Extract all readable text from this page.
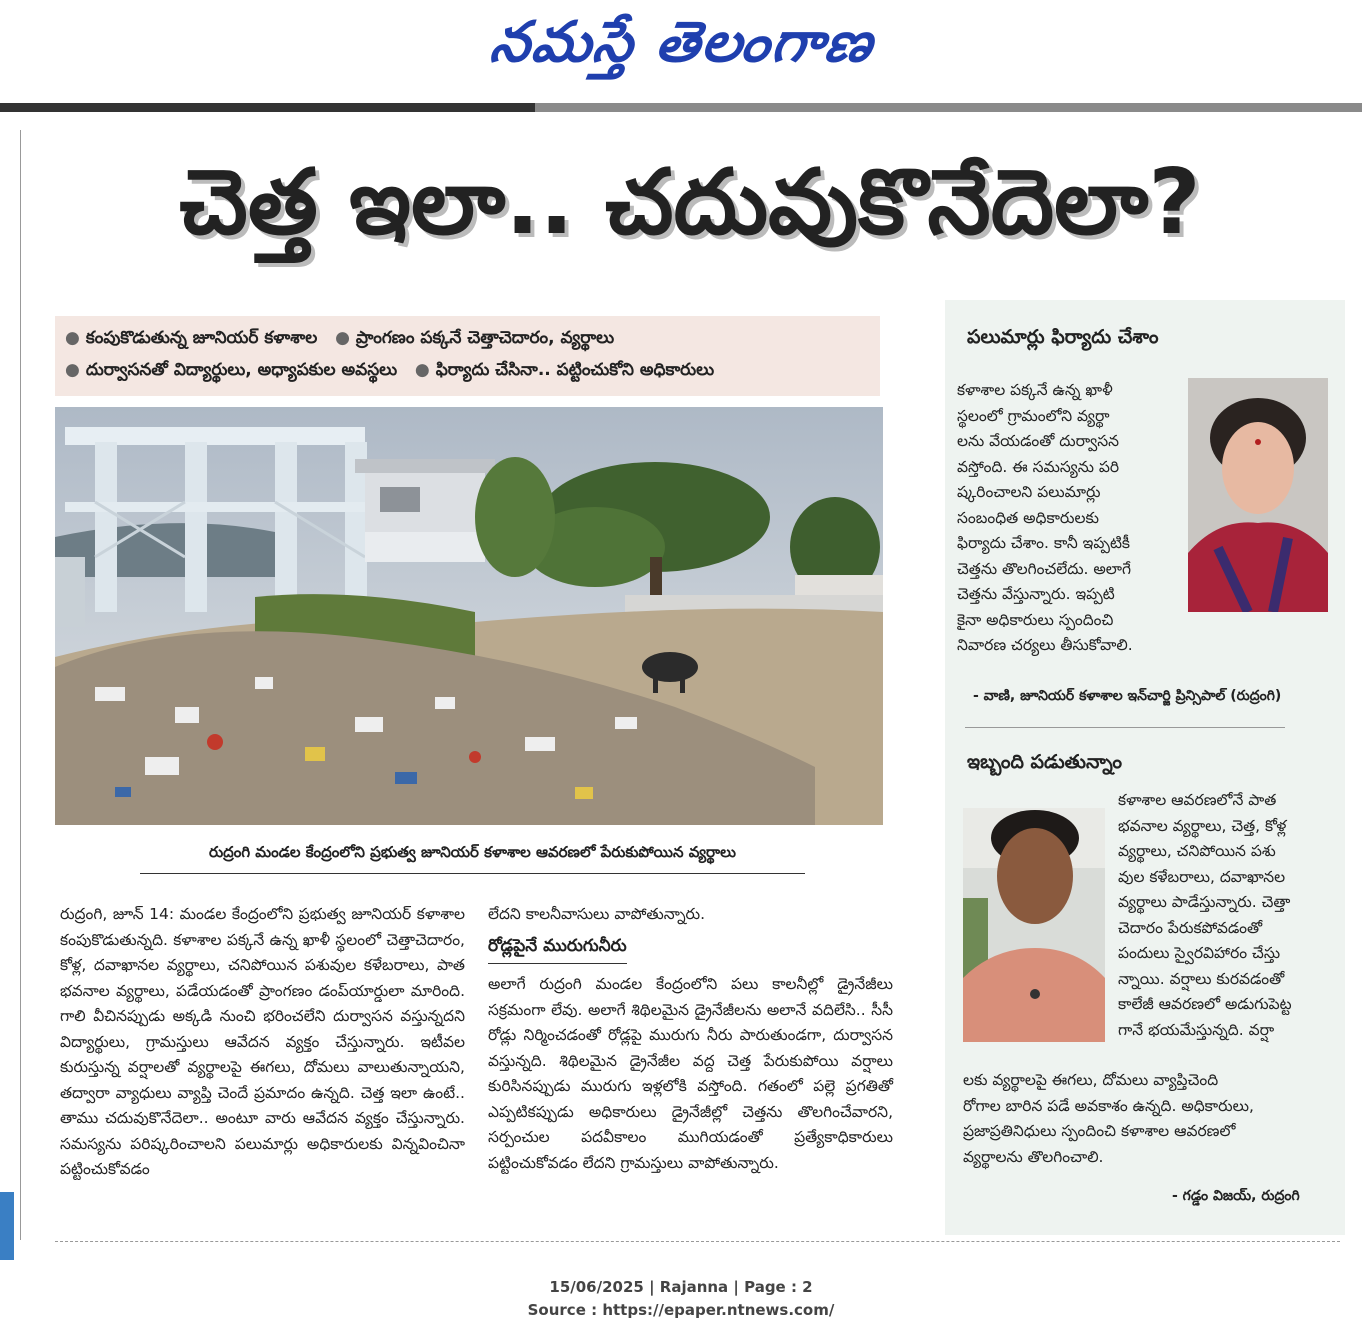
నమస్తే తెలంగాణ
చెత్త ఇలా.. చదువుకొనేదెలా?
● కంపుకొడుతున్న జూనియర్ కళాశాల ● ప్రాంగణం పక్కనే చెత్తాచెదారం, వ్యర్థాలు
● దుర్వాసనతో విద్యార్థులు, అధ్యాపకుల అవస్థలు ● ఫిర్యాదు చేసినా.. పట్టించుకోని అధికారులు
రుద్రంగి మండల కేంద్రంలోని ప్రభుత్వ జూనియర్ కళాశాల ఆవరణలో పేరుకుపోయిన వ్యర్థాలు

రుద్రంగి, జూన్ 14: మండల కేంద్రంలోని ప్రభుత్వ జూనియర్ కళాశాల కంపుకొడుతున్నది. కళాశాల పక్కనే ఉన్న ఖాళీ స్థలంలో చెత్తాచెదారం, కోళ్ల, దవాఖానల వ్యర్థాలు, చనిపోయిన పశువుల కళేబరాలు, పాత భవనాల వ్యర్థాలు, పడేయడంతో ప్రాంగణం డంప్‌యార్డులా మారింది. గాలి వీచినప్పుడు అక్కడి నుంచి భరించలేని దుర్వాసన వస్తున్నదని విద్యార్థులు, గ్రామస్తులు ఆవేదన వ్యక్తం చేస్తున్నారు. ఇటీవల కురుస్తున్న వర్షాలతో వ్యర్థాలపై ఈగలు, దోమలు వాలుతున్నాయని, తద్వారా వ్యాధులు వ్యాప్తి చెందే ప్రమాదం ఉన్నది. చెత్త ఇలా ఉంటే.. తాము చదువుకొనేదెలా.. అంటూ వారు ఆవేదన వ్యక్తం చేస్తున్నారు. సమస్యను పరిష్కరించాలని పలుమార్లు అధికారులకు విన్నవించినా పట్టించుకోవడం

లేదని కాలనీవాసులు వాపోతున్నారు.

రోడ్లపైనే మురుగునీరు

అలాగే రుద్రంగి మండల కేంద్రంలోని పలు కాలనీల్లో డ్రైనేజీలు సక్రమంగా లేవు. అలాగే శిథిలమైన డ్రైనేజీలను అలానే వదిలేసి.. సీసీ రోడ్లు నిర్మించడంతో రోడ్లపై మురుగు నీరు పారుతుండగా, దుర్వాసన వస్తున్నది. శిథిలమైన డ్రైనేజీల వద్ద చెత్త పేరుకుపోయి వర్షాలు కురిసినప్పుడు మురుగు ఇళ్లలోకి వస్తోంది. గతంలో పల్లె ప్రగతితో ఎప్పటికప్పుడు అధికారులు డ్రైనేజీల్లో చెత్తను తొలగించేవారని, సర్పంచుల పదవీకాలం ముగియడంతో ప్రత్యేకాధికారులు పట్టించుకోవడం లేదని గ్రామస్తులు వాపోతున్నారు.

పలుమార్లు ఫిర్యాదు చేశాం
కళాశాల పక్కనే ఉన్న ఖాళీ
స్థలంలో గ్రామంలోని వ్యర్థా
లను వేయడంతో దుర్వాసన
వస్తోంది. ఈ సమస్యను పరి
ష్కరించాలని పలుమార్లు
సంబంధిత అధికారులకు
ఫిర్యాదు చేశాం. కానీ ఇప్పటికీ
చెత్తను తొలగించలేదు. అలాగే
చెత్తను వేస్తున్నారు. ఇప్పటి
కైనా అధికారులు స్పందించి
నివారణ చర్యలు తీసుకోవాలి.
- వాణి, జూనియర్ కళాశాల ఇన్‌చార్జి ప్రిన్సిపాల్ (రుద్రంగి)
ఇబ్బంది పడుతున్నాం
కళాశాల ఆవరణలోనే పాత
భవనాల వ్యర్థాలు, చెత్త, కోళ్ల
వ్యర్థాలు, చనిపోయిన పశు
వుల కళేబరాలు, దవాఖానల
వ్యర్థాలు పాడేస్తున్నారు. చెత్తా
చెదారం పేరుకపోవడంతో
పందులు స్వైరవిహారం చేస్తు
న్నాయి. వర్షాలు కురవడంతో
కాలేజీ ఆవరణలో అడుగుపెట్ట
గానే భయమేస్తున్నది. వర్షా
లకు వ్యర్థాలపై ఈగలు, దోమలు వ్యాప్తిచెంది
రోగాల బారిన పడే అవకాశం ఉన్నది. అధికారులు,
ప్రజాప్రతినిధులు స్పందించి కళాశాల ఆవరణలో
వ్యర్థాలను తొలగించాలి.
- గడ్డం విజయ్, రుద్రంగి
15/06/2025 | Rajanna | Page : 2
Source : https://epaper.ntnews.com/
